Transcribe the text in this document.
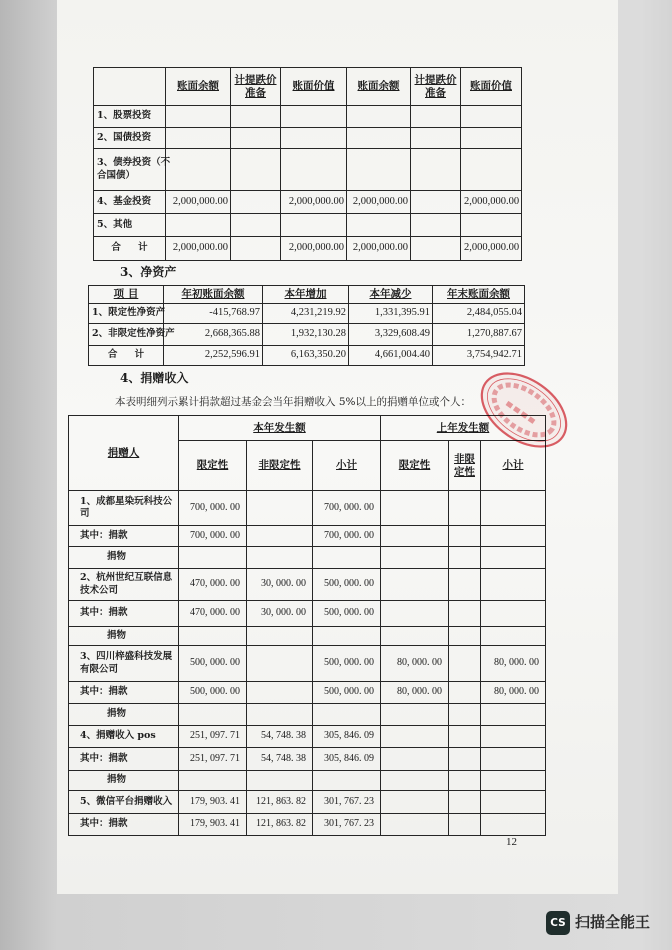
	账面余额	计提跌价准备	账面价值	账面余额	计提跌价准备	账面价值
1、股票投资						
2、国债投资						

3、债券投资（不
合国债）						

4、基金投资	2,000,000.00		2,000,000.00	2,000,000.00		2,000,000.00
5、其他						
合 计	2,000,000.00		2,000,000.00	2,000,000.00		2,000,000.00
3、净资产
项 目	年初账面余额	本年增加	本年减少	年末账面余额
1、限定性净资产	-415,768.97	4,231,219.92	1,331,395.91	2,484,055.04
2、非限定性净资产	2,668,365.88	1,932,130.28	3,329,608.49	1,270,887.67
合 计	2,252,596.91	6,163,350.20	4,661,004.40	3,754,942.71
4、捐赠收入
本表明细列示累计捐款超过基金会当年捐赠收入 5%以上的捐赠单位或个人：
捐赠人	本年发生额			上年发生额		
	限定性	非限定性	小计	限定性	非限定性	小计

1、成都星染玩科技公
司	700, 000. 00		700, 000. 00			
其中：捐款	700, 000. 00		700, 000. 00			
捐物						

2、杭州世纪互联信息
技术公司	470, 000. 00	30, 000. 00	500, 000. 00			
其中：捐款	470, 000. 00	30, 000. 00	500, 000. 00			
捐物						

3、四川梓盛科技发展
有限公司	500, 000. 00		500, 000. 00	80, 000. 00		80, 000. 00
其中：捐款	500, 000. 00		500, 000. 00	80, 000. 00		80, 000. 00
捐物						
4、捐赠收入 pos	251, 097. 71	54, 748. 38	305, 846. 09			
其中：捐款	251, 097. 71	54, 748. 38	305, 846. 09			
捐物						
5、微信平台捐赠收入	179, 903. 41	121, 863. 82	301, 767. 23			
其中：捐款	179, 903. 41	121, 863. 82	301, 767. 23			
12
CS 扫描全能王
